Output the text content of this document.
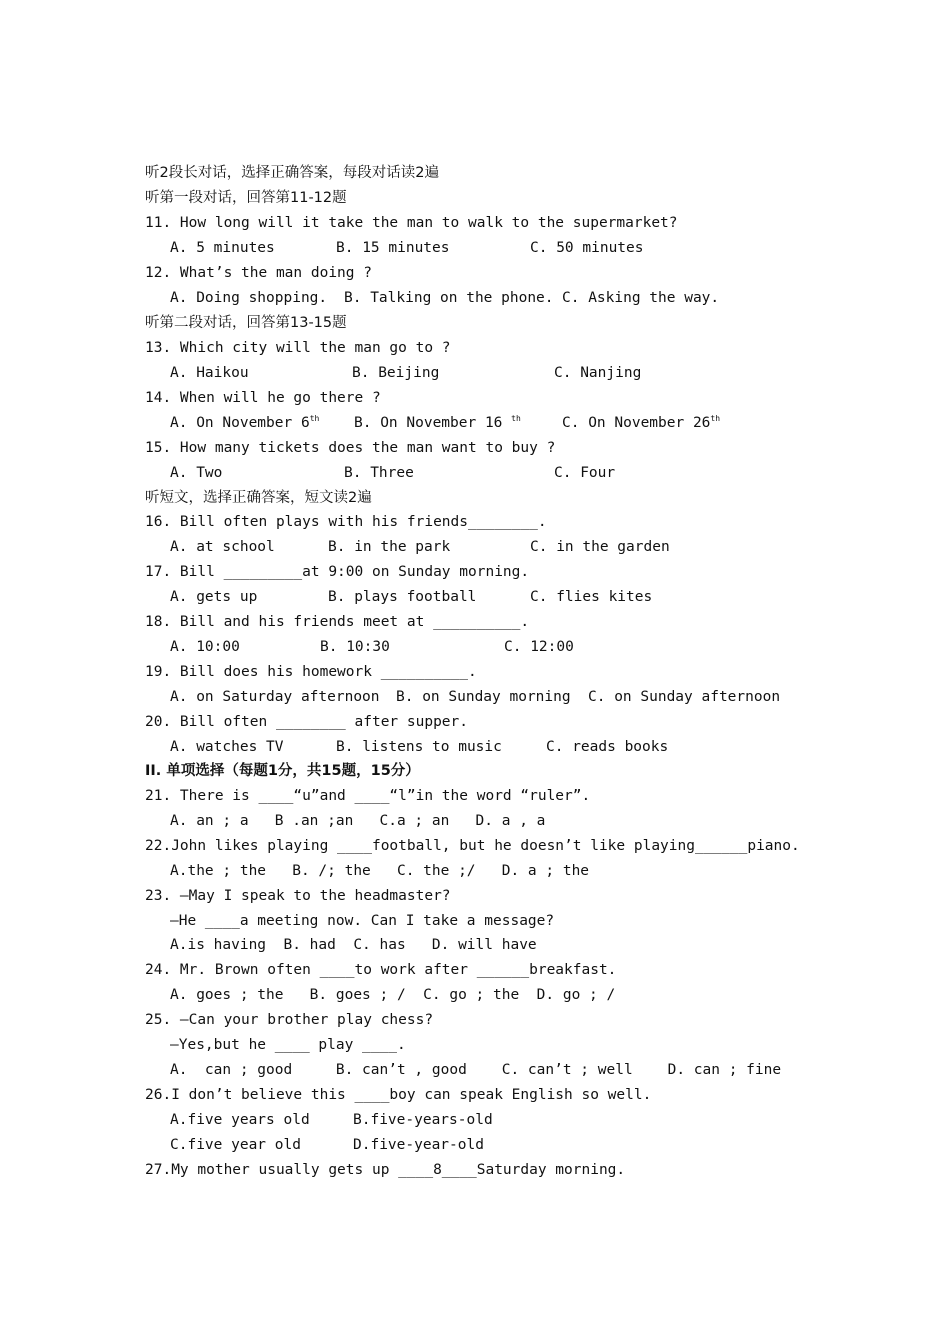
听2段长对话，选择正确答案，每段对话读2遍
听第一段对话，回答第11-12题
11. How long will it take the man to walk to the supermarket?

A. 5 minutes

	B. 15 minutes

	C. 50 minutes

12. What’s the man doing ?

A. Doing shopping.

B. Talking on the phone.

C. Asking the way.

听第二段对话，回答第13-15题
13. Which city will the man go to ?

A. Haikou

	B. Beijing

	C. Nanjing

14. When will he go there ?

A. On November 6th

B. On November 16 $^{th}$

	C. On November 26th

15. How many tickets does the man want to buy ?

A. Two

	B. Three

	C. Four

听短文，选择正确答案，短文读2遍
16. Bill often plays with his friends________.

A. at school

	B. in the park

	C. in the garden

17. Bill _________at 9:00 on Sunday morning.

A. gets up

	B. plays football

	C. flies kites

18. Bill and his friends meet at __________.

A. 10:00

	B. 10:30

	C. 12:00

19. Bill does his homework __________.

A. on Saturday afternoon

B. on Sunday morning

C. on Sunday afternoon

20. Bill often ________ after supper.

A. watches TV

	B. listens to music

	C. reads books

II. 单项选择（每题1分，共15题，15分）
21. There is ____“u”and ____“l”in the word “ruler”.
A. an ; a   B .an ;an   C.a ; an   D. a , a
22.John likes playing ____football, but he doesn’t like playing______piano.
A.the ; the   B. /; the   C. the ;/   D. a ; the
23. —May I speak to the headmaster?
—He ____a meeting now. Can I take a message?
A.is having  B. had  C. has   D. will have
24. Mr. Brown often ____to work after ______breakfast.
A. goes ; the   B. goes ; /  C. go ; the  D. go ; /
25. —Can your brother play chess?
—Yes,but he ____ play ____.
A.  can ; good     B. can’t , good    C. can’t ; well    D. can ; fine
26.I don’t believe this ____boy can speak English so well.

A.five years old

	B.five-years-old

C.five year old

	D.five-year-old

27.My mother usually gets up ____8____Saturday morning.
